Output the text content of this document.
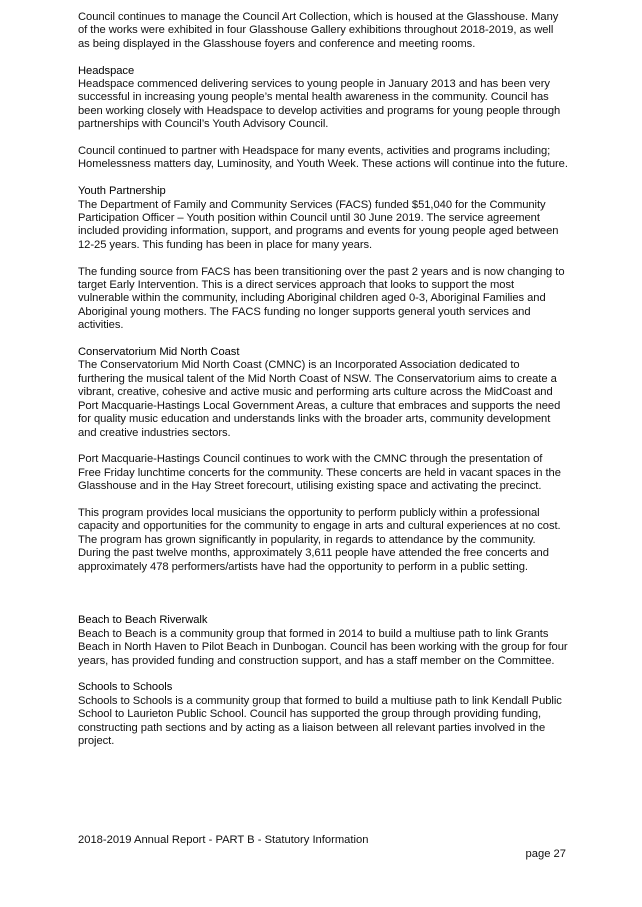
Council continues to manage the Council Art Collection, which is housed at the Glasshouse. Many of the works were exhibited in four Glasshouse Gallery exhibitions throughout 2018-2019, as well as being displayed in the Glasshouse foyers and conference and meeting rooms.

Headspace

Headspace commenced delivering services to young people in January 2013 and has been very successful in increasing young people’s mental health awareness in the community. Council has been working closely with Headspace to develop activities and programs for young people through partnerships with Council’s Youth Advisory Council.

Council continued to partner with Headspace for many events, activities and programs including; Homelessness matters day, Luminosity, and Youth Week. These actions will continue into the future.

Youth Partnership

The Department of Family and Community Services (FACS) funded $51,040 for the Community Participation Officer – Youth position within Council until 30 June 2019. The service agreement included providing information, support, and programs and events for young people aged between 12-25 years. This funding has been in place for many years.

The funding source from FACS has been transitioning over the past 2 years and is now changing to target Early Intervention. This is a direct services approach that looks to support the most vulnerable within the community, including Aboriginal children aged 0-3, Aboriginal Families and Aboriginal young mothers. The FACS funding no longer supports general youth services and activities.

Conservatorium Mid North Coast

The Conservatorium Mid North Coast (CMNC) is an Incorporated Association dedicated to furthering the musical talent of the Mid North Coast of NSW. The Conservatorium aims to create a vibrant, creative, cohesive and active music and performing arts culture across the MidCoast and Port Macquarie-Hastings Local Government Areas, a culture that embraces and supports the need for quality music education and understands links with the broader arts, community development and creative industries sectors.

Port Macquarie-Hastings Council continues to work with the CMNC through the presentation of Free Friday lunchtime concerts for the community. These concerts are held in vacant spaces in the Glasshouse and in the Hay Street forecourt, utilising existing space and activating the precinct.

This program provides local musicians the opportunity to perform publicly within a professional capacity and opportunities for the community to engage in arts and cultural experiences at no cost. The program has grown significantly in popularity, in regards to attendance by the community. During the past twelve months, approximately 3,611 people have attended the free concerts and approximately 478 performers/artists have had the opportunity to perform in a public setting.

Beach to Beach Riverwalk

Beach to Beach is a community group that formed in 2014 to build a multiuse path to link Grants Beach in North Haven to Pilot Beach in Dunbogan. Council has been working with the group for four years, has provided funding and construction support, and has a staff member on the Committee.

Schools to Schools

Schools to Schools is a community group that formed to build a multiuse path to link Kendall Public School to Laurieton Public School. Council has supported the group through providing funding, constructing path sections and by acting as a liaison between all relevant parties involved in the project.

2018-2019 Annual Report - PART B - Statutory Information
page 27
